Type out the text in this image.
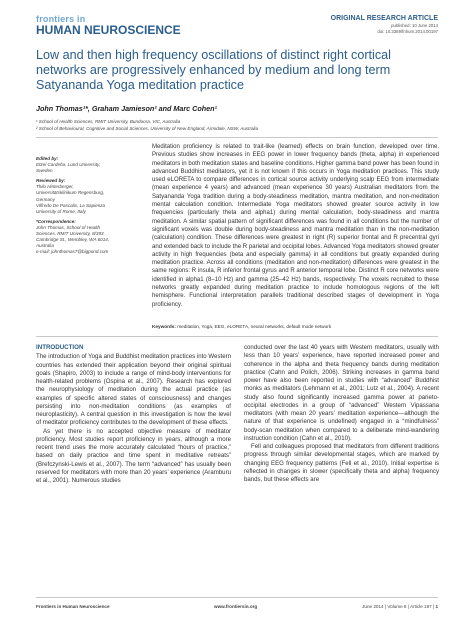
frontiers in
HUMAN NEUROSCIENCE
ORIGINAL RESEARCH ARTICLE
published: 10 June 2014
doi: 10.3389/fnhum.2014.00197
Low and then high frequency oscillations of distinct right cortical networks are progressively enhanced by medium and long term Satyananda Yoga meditation practice
John Thomas¹*, Graham Jamieson² and Marc Cohen¹
¹ School of Health Sciences, RMIT University, Bundoora, VIC, Australia
² School of Behavioural, Cognitive and Social Sciences, University of New England, Armidale, NSW, Australia
Edited by:
Etzel Cardeña, Lund University,
Sweden
Reviewed by:
Thilo Hinterberger,
Universitätsklinikum Regensburg,
Germany
Vilfredo De Pascalis, La Sapienza
University of Rome, Italy
*Correspondence:
John Thomas, School of Health
Sciences, RMIT University, 8/393
Cambridge St., Wembley, WA 6014,
Australia
e-mail: johnthomas7@bigpond.com

Meditation proficiency is related to trait-like (learned) effects on brain function, developed over time. Previous studies show increases in EEG power in lower frequency bands (theta, alpha) in experienced meditators in both meditation states and baseline conditions. Higher gamma band power has been found in advanced Buddhist meditators, yet it is not known if this occurs in Yoga meditation practices. This study used eLORETA to compare differences in cortical source activity underlying scalp EEG from intermediate (mean experience 4 years) and advanced (mean experience 30 years) Australian meditators from the Satyananda Yoga tradition during a body-steadiness meditation, mantra meditation, and non-meditation mental calculation condition. Intermediate Yoga meditators showed greater source activity in low frequencies (particularly theta and alpha1) during mental calculation, body-steadiness and mantra meditation. A similar spatial pattern of significant differences was found in all conditions but the number of significant voxels was double during body-steadiness and mantra meditation than in the non-meditation (calculation) condition. These differences were greatest in right (R) superior frontal and R precentral gyri and extended back to include the R parietal and occipital lobes. Advanced Yoga meditators showed greater activity in high frequencies (beta and especially gamma) in all conditions but greatly expanded during meditation practice. Across all conditions (meditation and non-meditation) differences were greatest in the same regions: R insula, R inferior frontal gyrus and R anterior temporal lobe. Distinct R core networks were identified in alpha1 (8–10 Hz) and gamma (25–42 Hz) bands, respectively. The voxels recruited to these networks greatly expanded during meditation practice to include homologous regions of the left hemisphere. Functional interpretation parallels traditional described stages of development in Yoga proficiency.

Keywords: meditation, Yoga, EEG, eLORETA, neural networks, default mode network
INTRODUCTION

The introduction of Yoga and Buddhist meditation practices into Western countries has extended their application beyond their original spiritual goals (Shapiro, 2003) to include a range of mind-body interventions for health-related problems (Ospina et al., 2007). Research has explored the neurophysiology of meditation during the actual practice (as examples of specific altered states of consciousness) and changes persisting into non-meditation conditions (as examples of neuroplasticity). A central question in this investigation is how the level of meditator proficiency contributes to the development of these effects.

As yet there is no accepted objective measure of meditator proficiency. Most studies report proficiency in years, although a more recent trend uses the more accurately calculated “hours of practice,” based on daily practice and time spent in meditative retreats” (Brefczynski-Lewis et al., 2007). The term “advanced” has usually been reserved for meditators with more than 20 years’ experience (Aramburu et al., 2001). Numerous studies

conducted over the last 40 years with Western meditators, usually with less than 10 years’ experience, have reported increased power and coherence in the alpha and theta frequency bands during meditation practice (Cahn and Polich, 2006). Striking increases in gamma band power have also been reported in studies with “advanced” Buddhist monks as meditators (Lehmann et al., 2001; Lutz et al., 2004). A recent study also found significantly increased gamma power at parieto-occipital electrodes in a group of “advanced” Western Vipassana meditators (with mean 20 years’ meditation experience—although the nature of that experience is undefined) engaged in a “mindfulness” body-scan meditation when compared to a deliberate mind-wandering instruction condition (Cahn et al., 2010).

Fell and colleagues proposed that meditators from different traditions progress through similar developmental stages, which are marked by changing EEG frequency patterns (Fell et al., 2010). Initial expertise is reflected in changes in slower (specifically theta and alpha) frequency bands, but these effects are

Frontiers in Human Neuroscience	www.frontiersin.org	June 2014 | Volume 8 | Article 197 | 1
